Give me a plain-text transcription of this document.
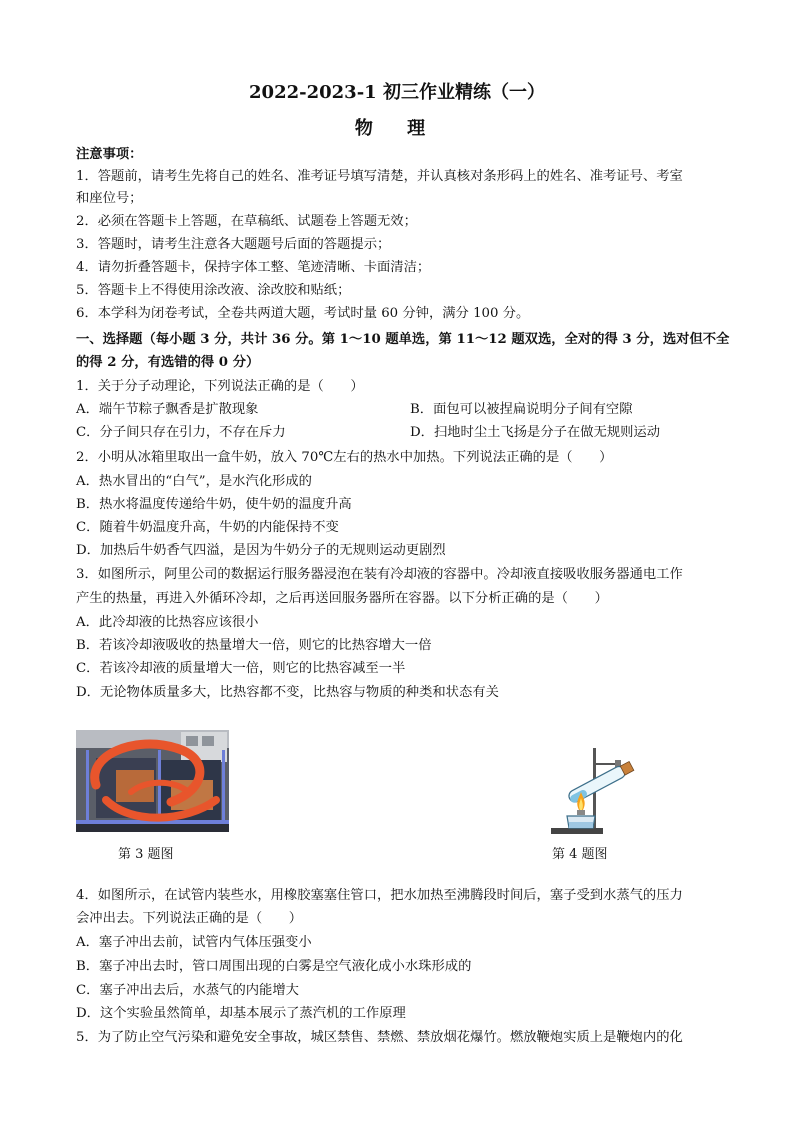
2022-2023-1 初三作业精练（一）
物 理
注意事项：
1．答题前，请考生先将自己的姓名、准考证号填写清楚，并认真核对条形码上的姓名、准考证号、考室
和座位号；
2．必须在答题卡上答题，在草稿纸、试题卷上答题无效；
3．答题时，请考生注意各大题题号后面的答题提示；
4．请勿折叠答题卡，保持字体工整、笔迹清晰、卡面清洁；
5．答题卡上不得使用涂改液、涂改胶和贴纸；
6．本学科为闭卷考试，全卷共两道大题，考试时量 60 分钟，满分 100 分。
一、选择题（每小题 3 分，共计 36 分。第 1～10 题单选，第 11～12 题双选，全对的得 3 分，选对但不全
的得 2 分，有选错的得 0 分）
1．关于分子动理论，下列说法正确的是（　　）
A．端午节粽子飘香是扩散现象	B．面包可以被捏扁说明分子间有空隙
C．分子间只存在引力，不存在斥力	D．扫地时尘土飞扬是分子在做无规则运动
2．小明从冰箱里取出一盒牛奶，放入 70℃左右的热水中加热。下列说法正确的是（　　）
A．热水冒出的“白气”，是水汽化形成的
B．热水将温度传递给牛奶，使牛奶的温度升高
C．随着牛奶温度升高，牛奶的内能保持不变
D．加热后牛奶香气四溢，是因为牛奶分子的无规则运动更剧烈
3．如图所示，阿里公司的数据运行服务器浸泡在装有冷却液的容器中。冷却液直接吸收服务器通电工作
产生的热量，再进入外循环冷却，之后再送回服务器所在容器。以下分析正确的是（　　）
A．此冷却液的比热容应该很小
B．若该冷却液吸收的热量增大一倍，则它的比热容增大一倍
C．若该冷却液的质量增大一倍，则它的比热容减至一半
D．无论物体质量多大，比热容都不变，比热容与物质的种类和状态有关
第 3 题图	第 4 题图
4．如图所示，在试管内装些水，用橡胶塞塞住管口，把水加热至沸腾段时间后，塞子受到水蒸气的压力
会冲出去。下列说法正确的是（　　）
A．塞子冲出去前，试管内气体压强变小
B．塞子冲出去时，管口周围出现的白雾是空气液化成小水珠形成的
C．塞子冲出去后，水蒸气的内能增大
D．这个实验虽然简单，却基本展示了蒸汽机的工作原理
5．为了防止空气污染和避免安全事故，城区禁售、禁燃、禁放烟花爆竹。燃放鞭炮实质上是鞭炮内的化
